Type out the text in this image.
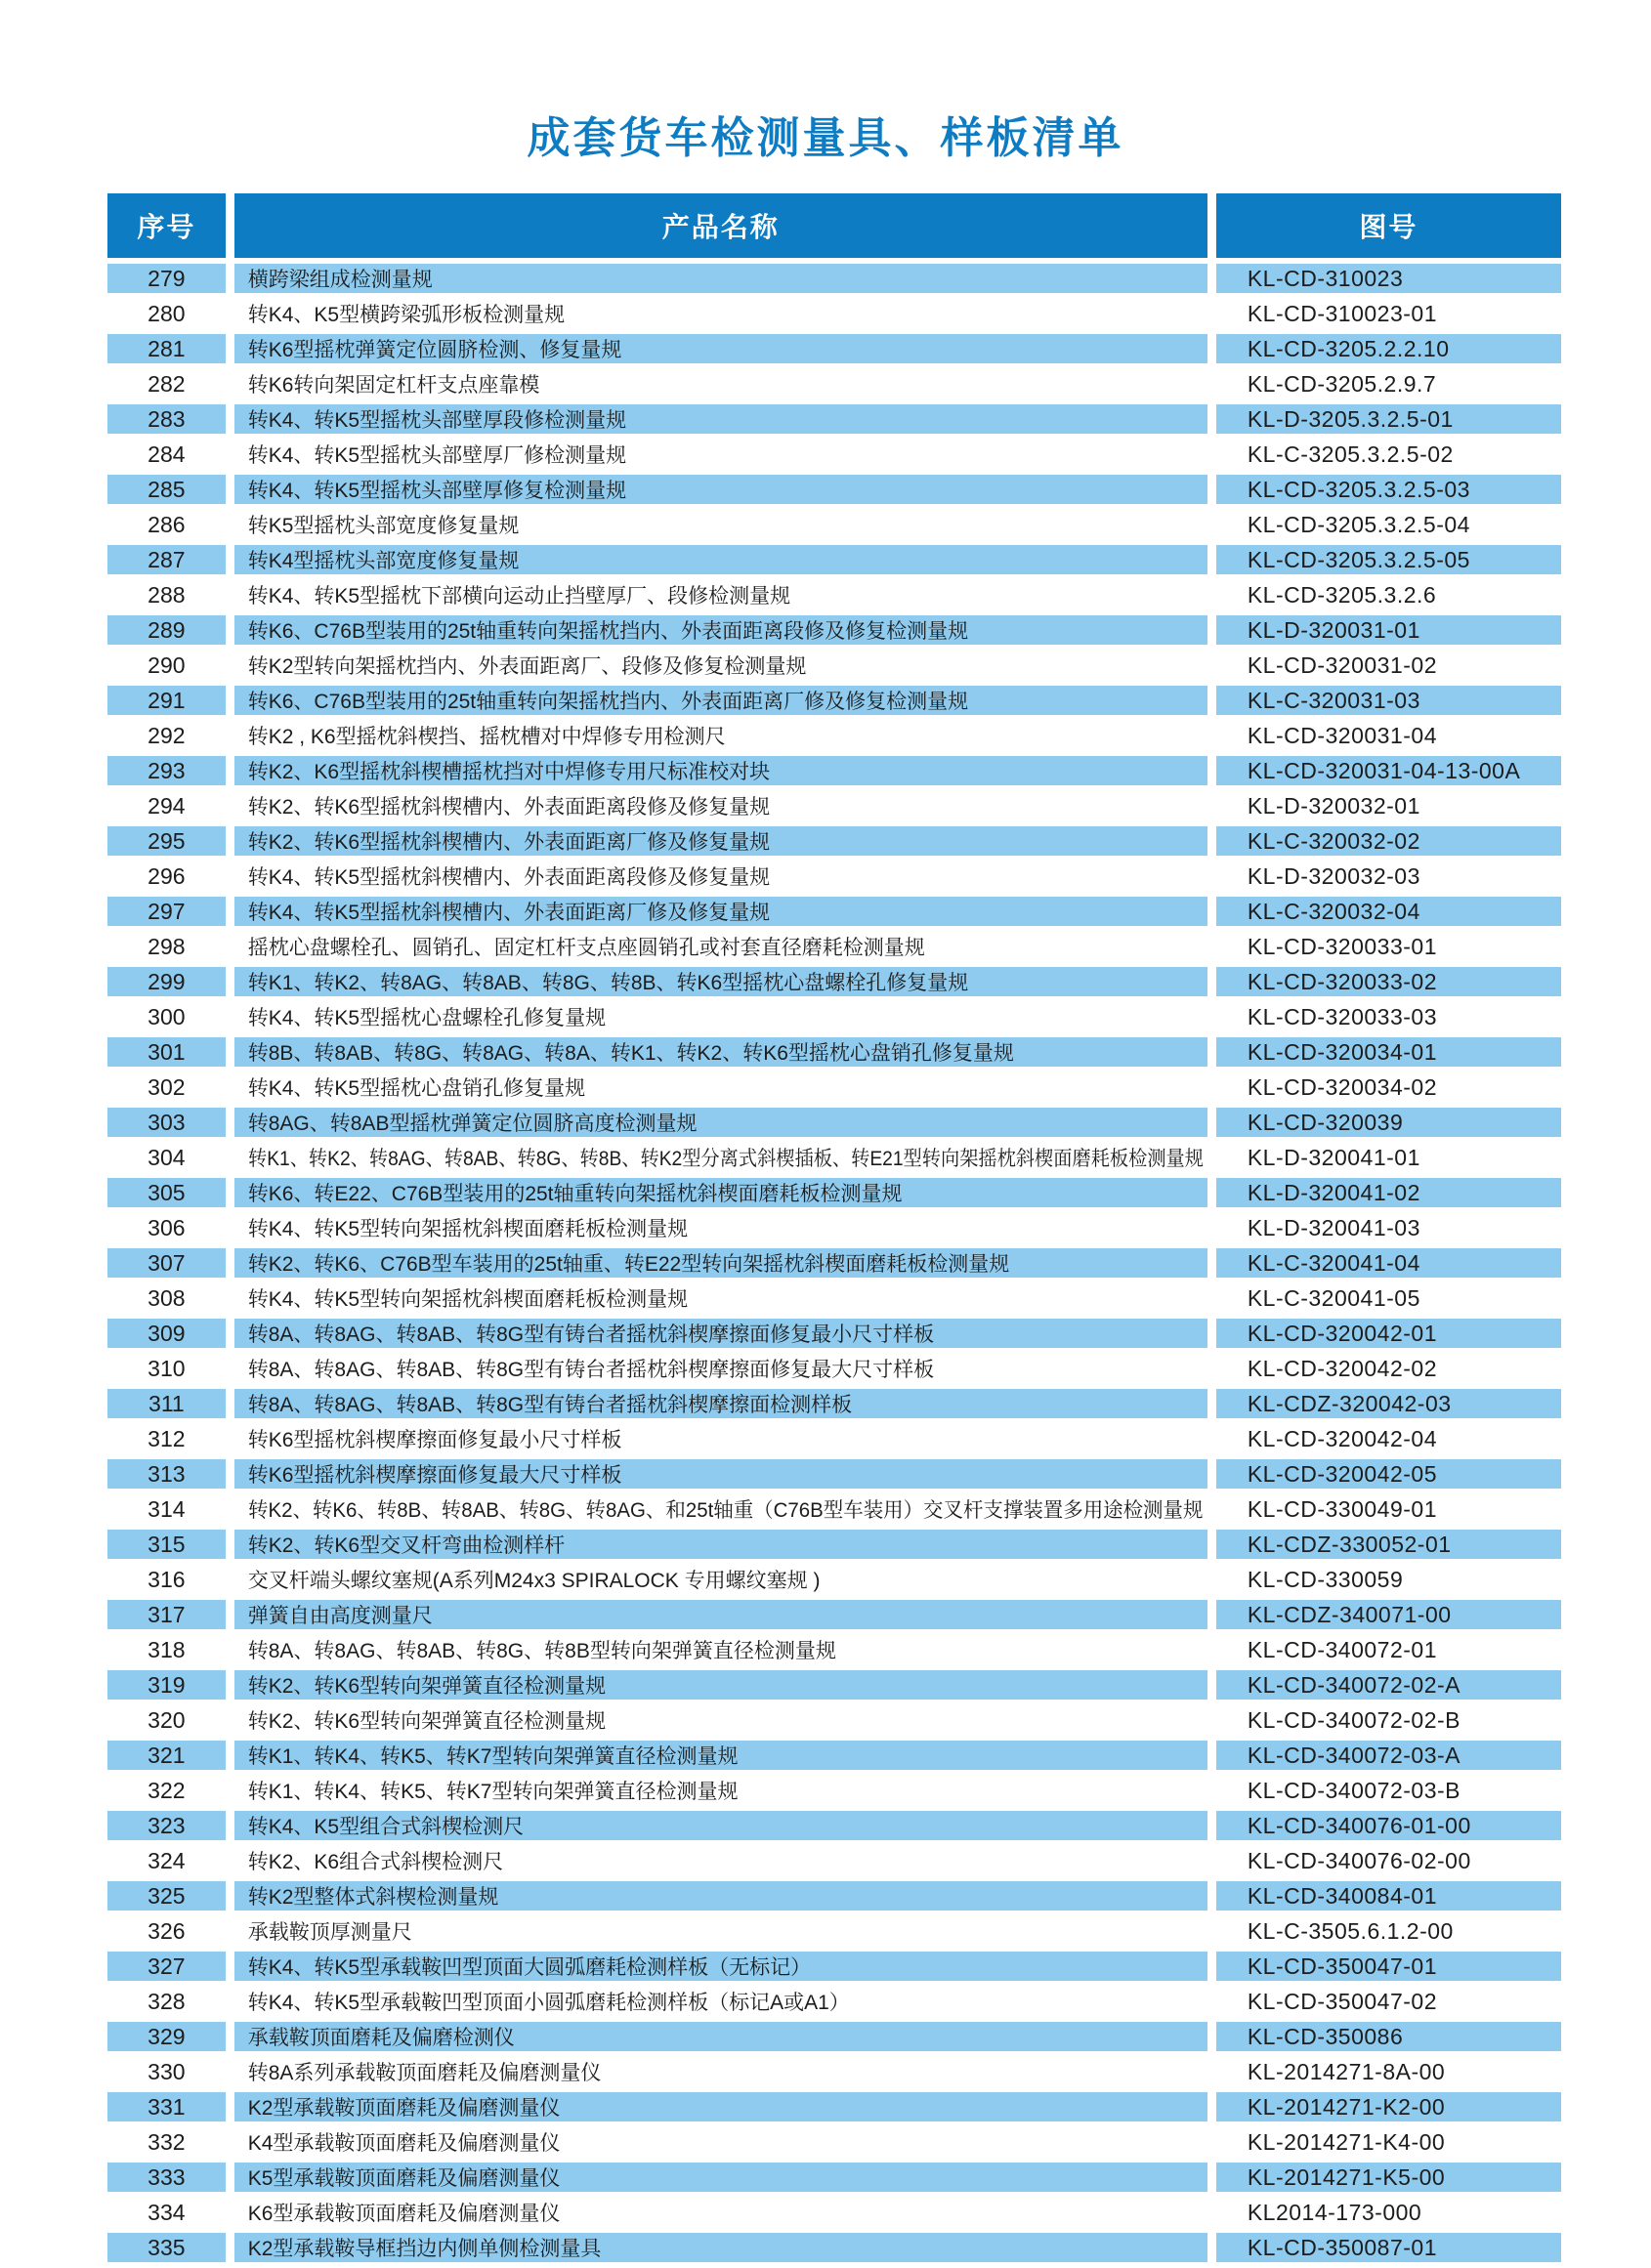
成套货车检测量具、样板清单
序号	产品名称	图号
279	横跨梁组成检测量规	KL-CD-310023
280	转K4、K5型横跨梁弧形板检测量规	KL-CD-310023-01
281	转K6型摇枕弹簧定位圆脐检测、修复量规	KL-CD-3205.2.2.10
282	转K6转向架固定杠杆支点座靠模	KL-CD-3205.2.9.7
283	转K4、转K5型摇枕头部壁厚段修检测量规	KL-D-3205.3.2.5-01
284	转K4、转K5型摇枕头部壁厚厂修检测量规	KL-C-3205.3.2.5-02
285	转K4、转K5型摇枕头部壁厚修复检测量规	KL-CD-3205.3.2.5-03
286	转K5型摇枕头部宽度修复量规	KL-CD-3205.3.2.5-04
287	转K4型摇枕头部宽度修复量规	KL-CD-3205.3.2.5-05
288	转K4、转K5型摇枕下部横向运动止挡壁厚厂、段修检测量规	KL-CD-3205.3.2.6
289	转K6、C76B型装用的25t轴重转向架摇枕挡内、外表面距离段修及修复检测量规	KL-D-320031-01
290	转K2型转向架摇枕挡内、外表面距离厂、段修及修复检测量规	KL-CD-320031-02
291	转K6、C76B型装用的25t轴重转向架摇枕挡内、外表面距离厂修及修复检测量规	KL-C-320031-03
292	转K2 , K6型摇枕斜楔挡、摇枕槽对中焊修专用检测尺	KL-CD-320031-04
293	转K2、K6型摇枕斜楔槽摇枕挡对中焊修专用尺标准校对块	KL-CD-320031-04-13-00A
294	转K2、转K6型摇枕斜楔槽内、外表面距离段修及修复量规	KL-D-320032-01
295	转K2、转K6型摇枕斜楔槽内、外表面距离厂修及修复量规	KL-C-320032-02
296	转K4、转K5型摇枕斜楔槽内、外表面距离段修及修复量规	KL-D-320032-03
297	转K4、转K5型摇枕斜楔槽内、外表面距离厂修及修复量规	KL-C-320032-04
298	摇枕心盘螺栓孔、圆销孔、固定杠杆支点座圆销孔或衬套直径磨耗检测量规	KL-CD-320033-01
299	转K1、转K2、转8AG、转8AB、转8G、转8B、转K6型摇枕心盘螺栓孔修复量规	KL-CD-320033-02
300	转K4、转K5型摇枕心盘螺栓孔修复量规	KL-CD-320033-03
301	转8B、转8AB、转8G、转8AG、转8A、转K1、转K2、转K6型摇枕心盘销孔修复量规	KL-CD-320034-01
302	转K4、转K5型摇枕心盘销孔修复量规	KL-CD-320034-02
303	转8AG、转8AB型摇枕弹簧定位圆脐高度检测量规	KL-CD-320039
304	转K1、转K2、转8AG、转8AB、转8G、转8B、转K2型分离式斜楔插板、转E21型转向架摇枕斜楔面磨耗板检测量规	KL-D-320041-01
305	转K6、转E22、C76B型装用的25t轴重转向架摇枕斜楔面磨耗板检测量规	KL-D-320041-02
306	转K4、转K5型转向架摇枕斜楔面磨耗板检测量规	KL-D-320041-03
307	转K2、转K6、C76B型车装用的25t轴重、转E22型转向架摇枕斜楔面磨耗板检测量规	KL-C-320041-04
308	转K4、转K5型转向架摇枕斜楔面磨耗板检测量规	KL-C-320041-05
309	转8A、转8AG、转8AB、转8G型有铸台者摇枕斜楔摩擦面修复最小尺寸样板	KL-CD-320042-01
310	转8A、转8AG、转8AB、转8G型有铸台者摇枕斜楔摩擦面修复最大尺寸样板	KL-CD-320042-02
311	转8A、转8AG、转8AB、转8G型有铸台者摇枕斜楔摩擦面检测样板	KL-CDZ-320042-03
312	转K6型摇枕斜楔摩擦面修复最小尺寸样板	KL-CD-320042-04
313	转K6型摇枕斜楔摩擦面修复最大尺寸样板	KL-CD-320042-05
314	转K2、转K6、转8B、转8AB、转8G、转8AG、和25t轴重（C76B型车装用）交叉杆支撑装置多用途检测量规	KL-CD-330049-01
315	转K2、转K6型交叉杆弯曲检测样杆	KL-CDZ-330052-01
316	交叉杆端头螺纹塞规(A系列M24x3 SPIRALOCK 专用螺纹塞规 )	KL-CD-330059
317	弹簧自由高度测量尺	KL-CDZ-340071-00
318	转8A、转8AG、转8AB、转8G、转8B型转向架弹簧直径检测量规	KL-CD-340072-01
319	转K2、转K6型转向架弹簧直径检测量规	KL-CD-340072-02-A
320	转K2、转K6型转向架弹簧直径检测量规	KL-CD-340072-02-B
321	转K1、转K4、转K5、转K7型转向架弹簧直径检测量规	KL-CD-340072-03-A
322	转K1、转K4、转K5、转K7型转向架弹簧直径检测量规	KL-CD-340072-03-B
323	转K4、K5型组合式斜楔检测尺	KL-CD-340076-01-00
324	转K2、K6组合式斜楔检测尺	KL-CD-340076-02-00
325	转K2型整体式斜楔检测量规	KL-CD-340084-01
326	承载鞍顶厚测量尺	KL-C-3505.6.1.2-00
327	转K4、转K5型承载鞍凹型顶面大圆弧磨耗检测样板（无标记）	KL-CD-350047-01
328	转K4、转K5型承载鞍凹型顶面小圆弧磨耗检测样板（标记A或A1）	KL-CD-350047-02
329	承载鞍顶面磨耗及偏磨检测仪	KL-CD-350086
330	转8A系列承载鞍顶面磨耗及偏磨测量仪	KL-2014271-8A-00
331	K2型承载鞍顶面磨耗及偏磨测量仪	KL-2014271-K2-00
332	K4型承载鞍顶面磨耗及偏磨测量仪	KL-2014271-K4-00
333	K5型承载鞍顶面磨耗及偏磨测量仪	KL-2014271-K5-00
334	K6型承载鞍顶面磨耗及偏磨测量仪	KL2014-173-000
335	K2型承载鞍导框挡边内侧单侧检测量具	KL-CD-350087-01
